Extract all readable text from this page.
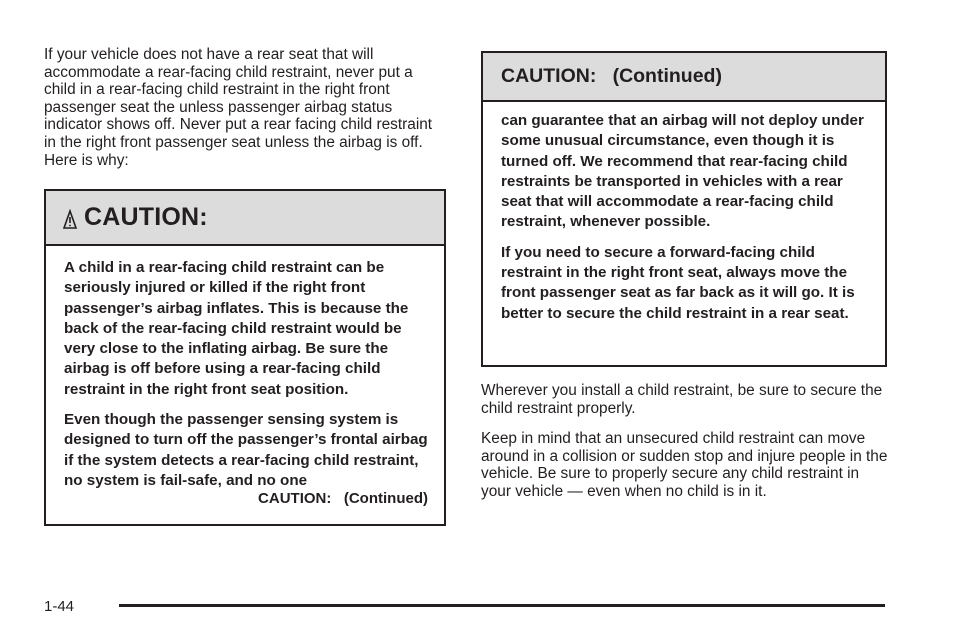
If your vehicle does not have a rear seat that will accommodate a rear-facing child restraint, never put a child in a rear-facing child restraint in the right front passenger seat the unless passenger airbag status indicator shows off. Never put a rear facing child restraint in the right front passenger seat unless the airbag is off. Here is why:

CAUTION:

A child in a rear-facing child restraint can be seriously injured or killed if the right front passenger’s airbag inflates. This is because the back of the rear-facing child restraint would be very close to the inflating airbag. Be sure the airbag is off before using a rear-facing child restraint in the right front seat position.

Even though the passenger sensing system is designed to turn off the passenger’s frontal airbag if the system detects a rear-facing child restraint, no system is fail-safe, and no one

CAUTION:   (Continued)
CAUTION:   (Continued)

can guarantee that an airbag will not deploy under some unusual circumstance, even though it is turned off. We recommend that rear-facing child restraints be transported in vehicles with a rear seat that will accommodate a rear-facing child restraint, whenever possible.

If you need to secure a forward-facing child restraint in the right front seat, always move the front passenger seat as far back as it will go. It is better to secure the child restraint in a rear seat.

Wherever you install a child restraint, be sure to secure the child restraint properly.

Keep in mind that an unsecured child restraint can move around in a collision or sudden stop and injure people in the vehicle. Be sure to properly secure any child restraint in your vehicle — even when no child is in it.

1-44
